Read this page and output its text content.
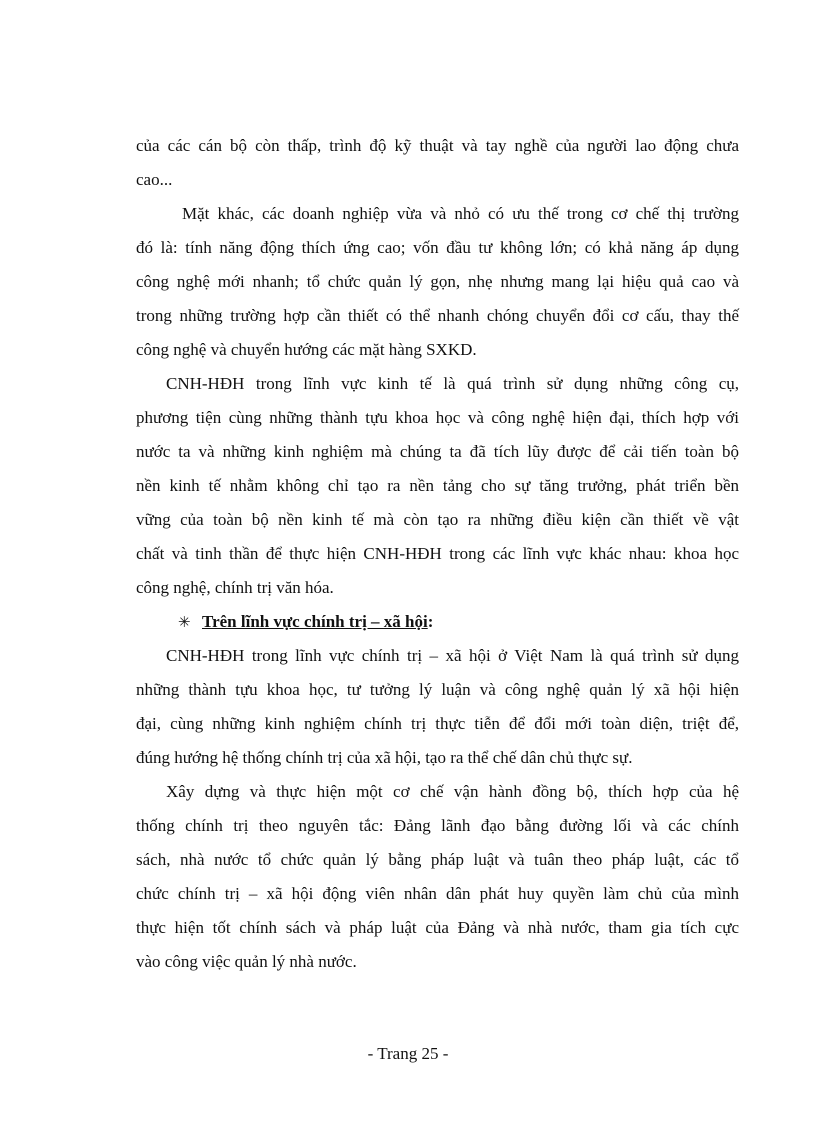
của các cán bộ còn thấp, trình độ kỹ thuật và tay nghề của người lao động chưa
cao...
Mặt khác, các doanh nghiệp vừa và nhỏ có ưu thế trong cơ chế thị trường
đó là: tính năng động thích ứng cao; vốn đầu tư không lớn; có khả năng áp dụng
công nghệ mới nhanh; tổ chức quản lý gọn, nhẹ nhưng mang lại hiệu quả cao và
trong những trường hợp cần thiết có thể nhanh chóng chuyển đổi cơ cấu, thay thế
công nghệ và chuyển hướng các mặt hàng SXKD.
CNH-HĐH trong lĩnh vực kinh tế là quá trình sử dụng những công cụ,
phương tiện cùng những thành tựu khoa học và công nghệ hiện đại, thích hợp với
nước ta và những kinh nghiệm mà chúng ta đã tích lũy được để cải tiến toàn bộ
nền kinh tế nhằm không chỉ tạo ra nền tảng cho sự tăng trưởng, phát triển bền
vững của toàn bộ nền kinh tế mà còn tạo ra những điều kiện cần thiết về vật
chất và tinh thần để thực hiện CNH-HĐH trong các lĩnh vực khác nhau: khoa học
công nghệ, chính trị văn hóa.
✳ Trên lĩnh vực chính trị – xã hội:
CNH-HĐH trong lĩnh vực chính trị – xã hội ở Việt Nam là quá trình sử dụng
những thành tựu khoa học, tư tưởng lý luận và công nghệ quản lý xã hội hiện
đại, cùng những kinh nghiệm chính trị thực tiễn để đổi mới toàn diện, triệt để,
đúng hướng hệ thống chính trị của xã hội, tạo ra thể chế dân chủ thực sự.
Xây dựng và thực hiện một cơ chế vận hành đồng bộ, thích hợp của hệ
thống chính trị theo nguyên tắc: Đảng lãnh đạo bằng đường lối và các chính
sách, nhà nước tổ chức quản lý bằng pháp luật và tuân theo pháp luật, các tổ
chức chính trị – xã hội động viên nhân dân phát huy quyền làm chủ của mình
thực hiện tốt chính sách và pháp luật của Đảng và nhà nước, tham gia tích cực
vào công việc quản lý nhà nước.
- Trang 25 -
